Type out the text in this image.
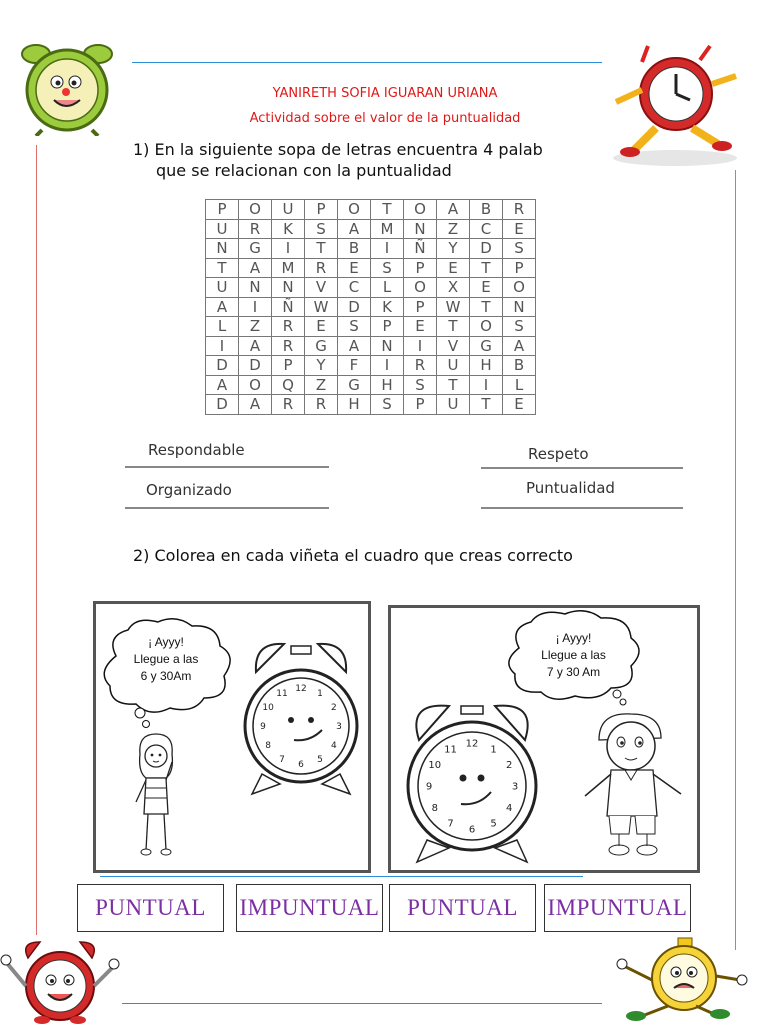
YANIRETH SOFIA IGUARAN URIANA
Actividad sobre el valor de la puntualidad
1) En la siguiente sopa de letras encuentra 4 palab
que se relacionan con la puntualidad
P	O	U	P	O	T	O	A	B	R
U	R	K	S	A	M	N	Z	C	E
N	G	I	T	B	I	Ñ	Y	D	S
T	A	M	R	E	S	P	E	T	P
U	N	N	V	C	L	O	X	E	O
A	I	Ñ	W	D	K	P	W	T	N
L	Z	R	E	S	P	E	T	O	S
I	A	R	G	A	N	I	V	G	A
D	D	P	Y	F	I	R	U	H	B
A	O	Q	Z	G	H	S	T	I	L
D	A	R	R	H	S	P	U	T	E
Respondable	Respeto
Organizado	Puntualidad
2) Colorea en cada viñeta el cuadro que creas correcto
¡ Ayyy!
Llegue a las
6 y 30Am
12
1
2
3
4
5
6
7
8
9
10
11
¡ Ayyy!
Llegue a las
7 y 30 Am
12
1
2
3
4
5
6
7
8
9
10
11
PUNTUAL	IMPUNTUAL	PUNTUAL	IMPUNTUAL
